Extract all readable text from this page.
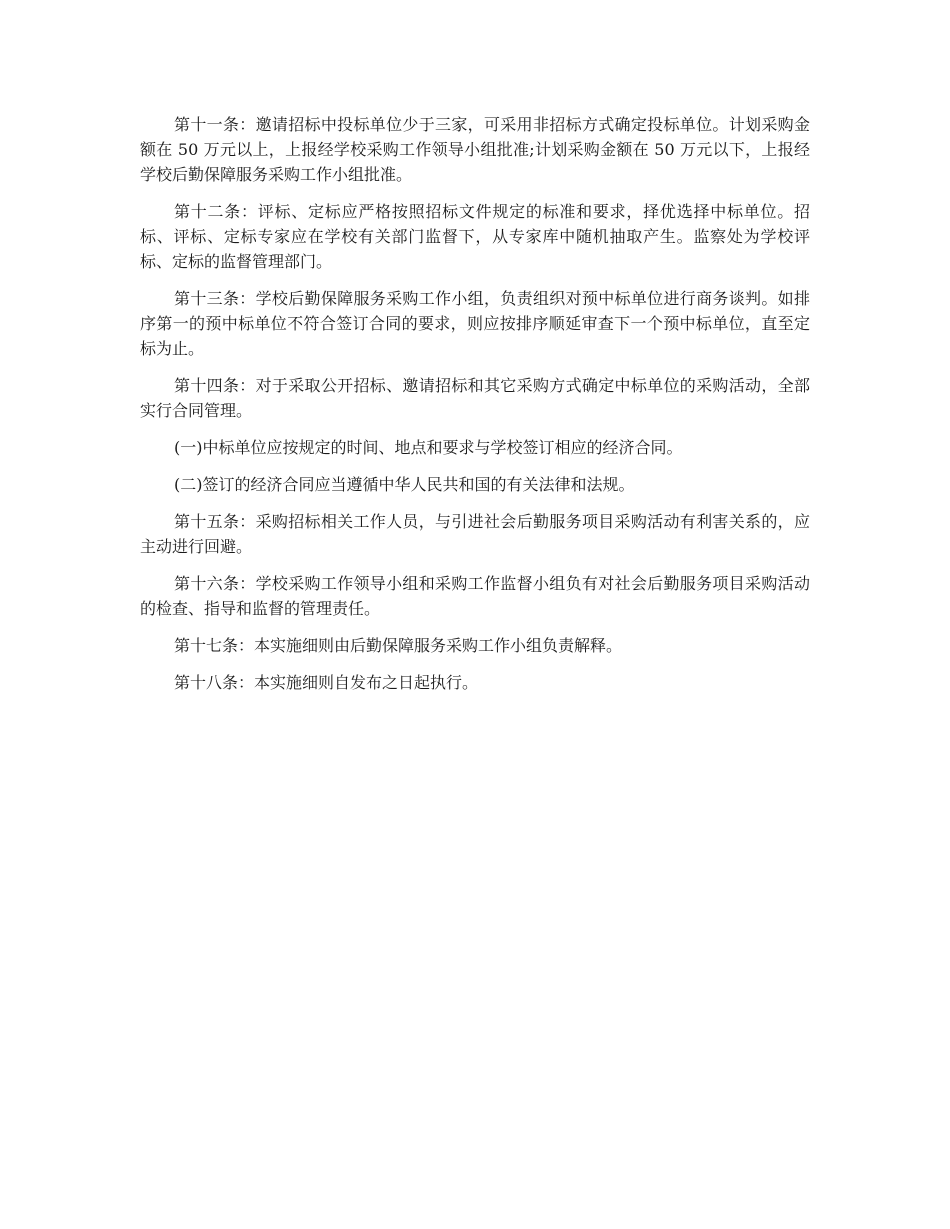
第十一条：邀请招标中投标单位少于三家，可采用非招标方式确定投标单位。计划采购金额在 50 万元以上，上报经学校采购工作领导小组批准;计划采购金额在 50 万元以下，上报经学校后勤保障服务采购工作小组批准。

第十二条：评标、定标应严格按照招标文件规定的标准和要求，择优选择中标单位。招标、评标、定标专家应在学校有关部门监督下，从专家库中随机抽取产生。监察处为学校评标、定标的监督管理部门。

第十三条：学校后勤保障服务采购工作小组，负责组织对预中标单位进行商务谈判。如排序第一的预中标单位不符合签订合同的要求，则应按排序顺延审查下一个预中标单位，直至定标为止。

第十四条：对于采取公开招标、邀请招标和其它采购方式确定中标单位的采购活动，全部实行合同管理。

(一)中标单位应按规定的时间、地点和要求与学校签订相应的经济合同。

(二)签订的经济合同应当遵循中华人民共和国的有关法律和法规。

第十五条：采购招标相关工作人员，与引进社会后勤服务项目采购活动有利害关系的，应主动进行回避。

第十六条：学校采购工作领导小组和采购工作监督小组负有对社会后勤服务项目采购活动的检查、指导和监督的管理责任。

第十七条：本实施细则由后勤保障服务采购工作小组负责解释。

第十八条：本实施细则自发布之日起执行。
